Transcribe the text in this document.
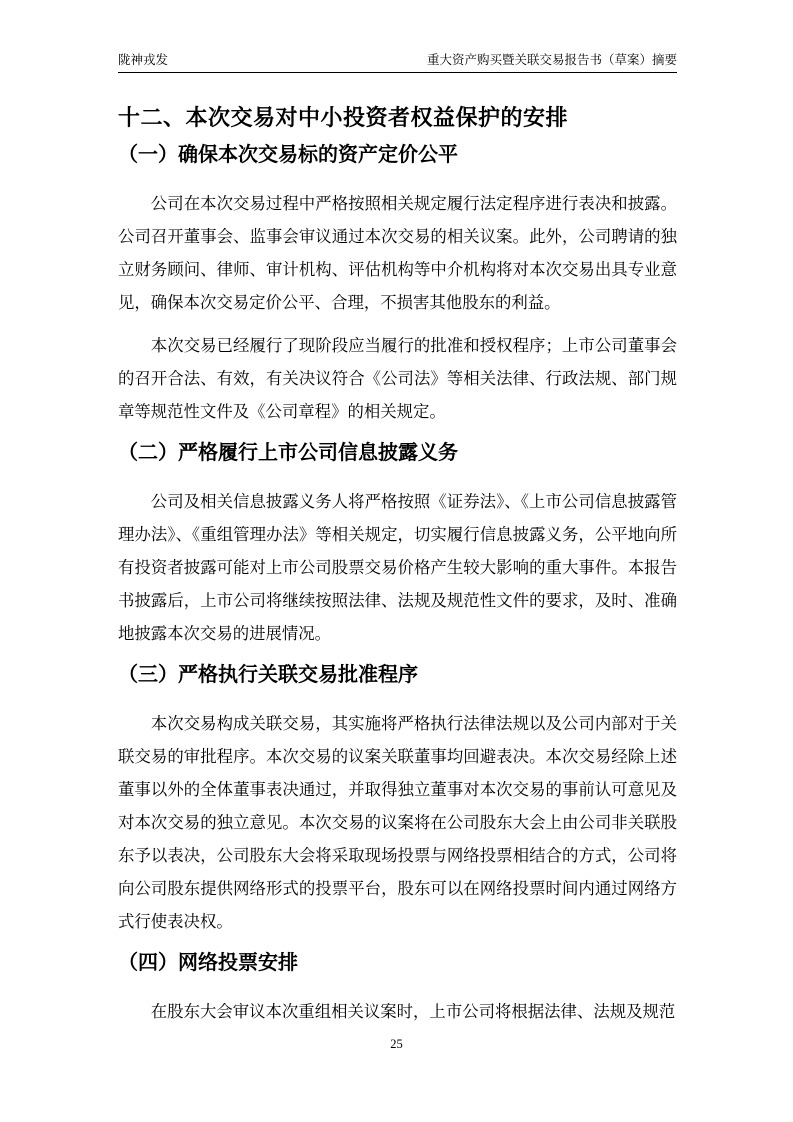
陇神戎发	重大资产购买暨关联交易报告书（草案）摘要
十二、本次交易对中小投资者权益保护的安排
（一）确保本次交易标的资产定价公平

公司在本次交易过程中严格按照相关规定履行法定程序进行表决和披露。公司召开董事会、监事会审议通过本次交易的相关议案。此外，公司聘请的独立财务顾问、律师、审计机构、评估机构等中介机构将对本次交易出具专业意见，确保本次交易定价公平、合理，不损害其他股东的利益。

本次交易已经履行了现阶段应当履行的批准和授权程序；上市公司董事会的召开合法、有效，有关决议符合《公司法》等相关法律、行政法规、部门规章等规范性文件及《公司章程》的相关规定。

（二）严格履行上市公司信息披露义务

公司及相关信息披露义务人将严格按照《证券法》、《上市公司信息披露管理办法》、《重组管理办法》等相关规定，切实履行信息披露义务，公平地向所有投资者披露可能对上市公司股票交易价格产生较大影响的重大事件。本报告书披露后，上市公司将继续按照法律、法规及规范性文件的要求，及时、准确地披露本次交易的进展情况。

（三）严格执行关联交易批准程序

本次交易构成关联交易，其实施将严格执行法律法规以及公司内部对于关联交易的审批程序。本次交易的议案关联董事均回避表决。本次交易经除上述董事以外的全体董事表决通过，并取得独立董事对本次交易的事前认可意见及对本次交易的独立意见。本次交易的议案将在公司股东大会上由公司非关联股东予以表决，公司股东大会将采取现场投票与网络投票相结合的方式，公司将向公司股东提供网络形式的投票平台，股东可以在网络投票时间内通过网络方式行使表决权。

（四）网络投票安排

在股东大会审议本次重组相关议案时，上市公司将根据法律、法规及规范

25
